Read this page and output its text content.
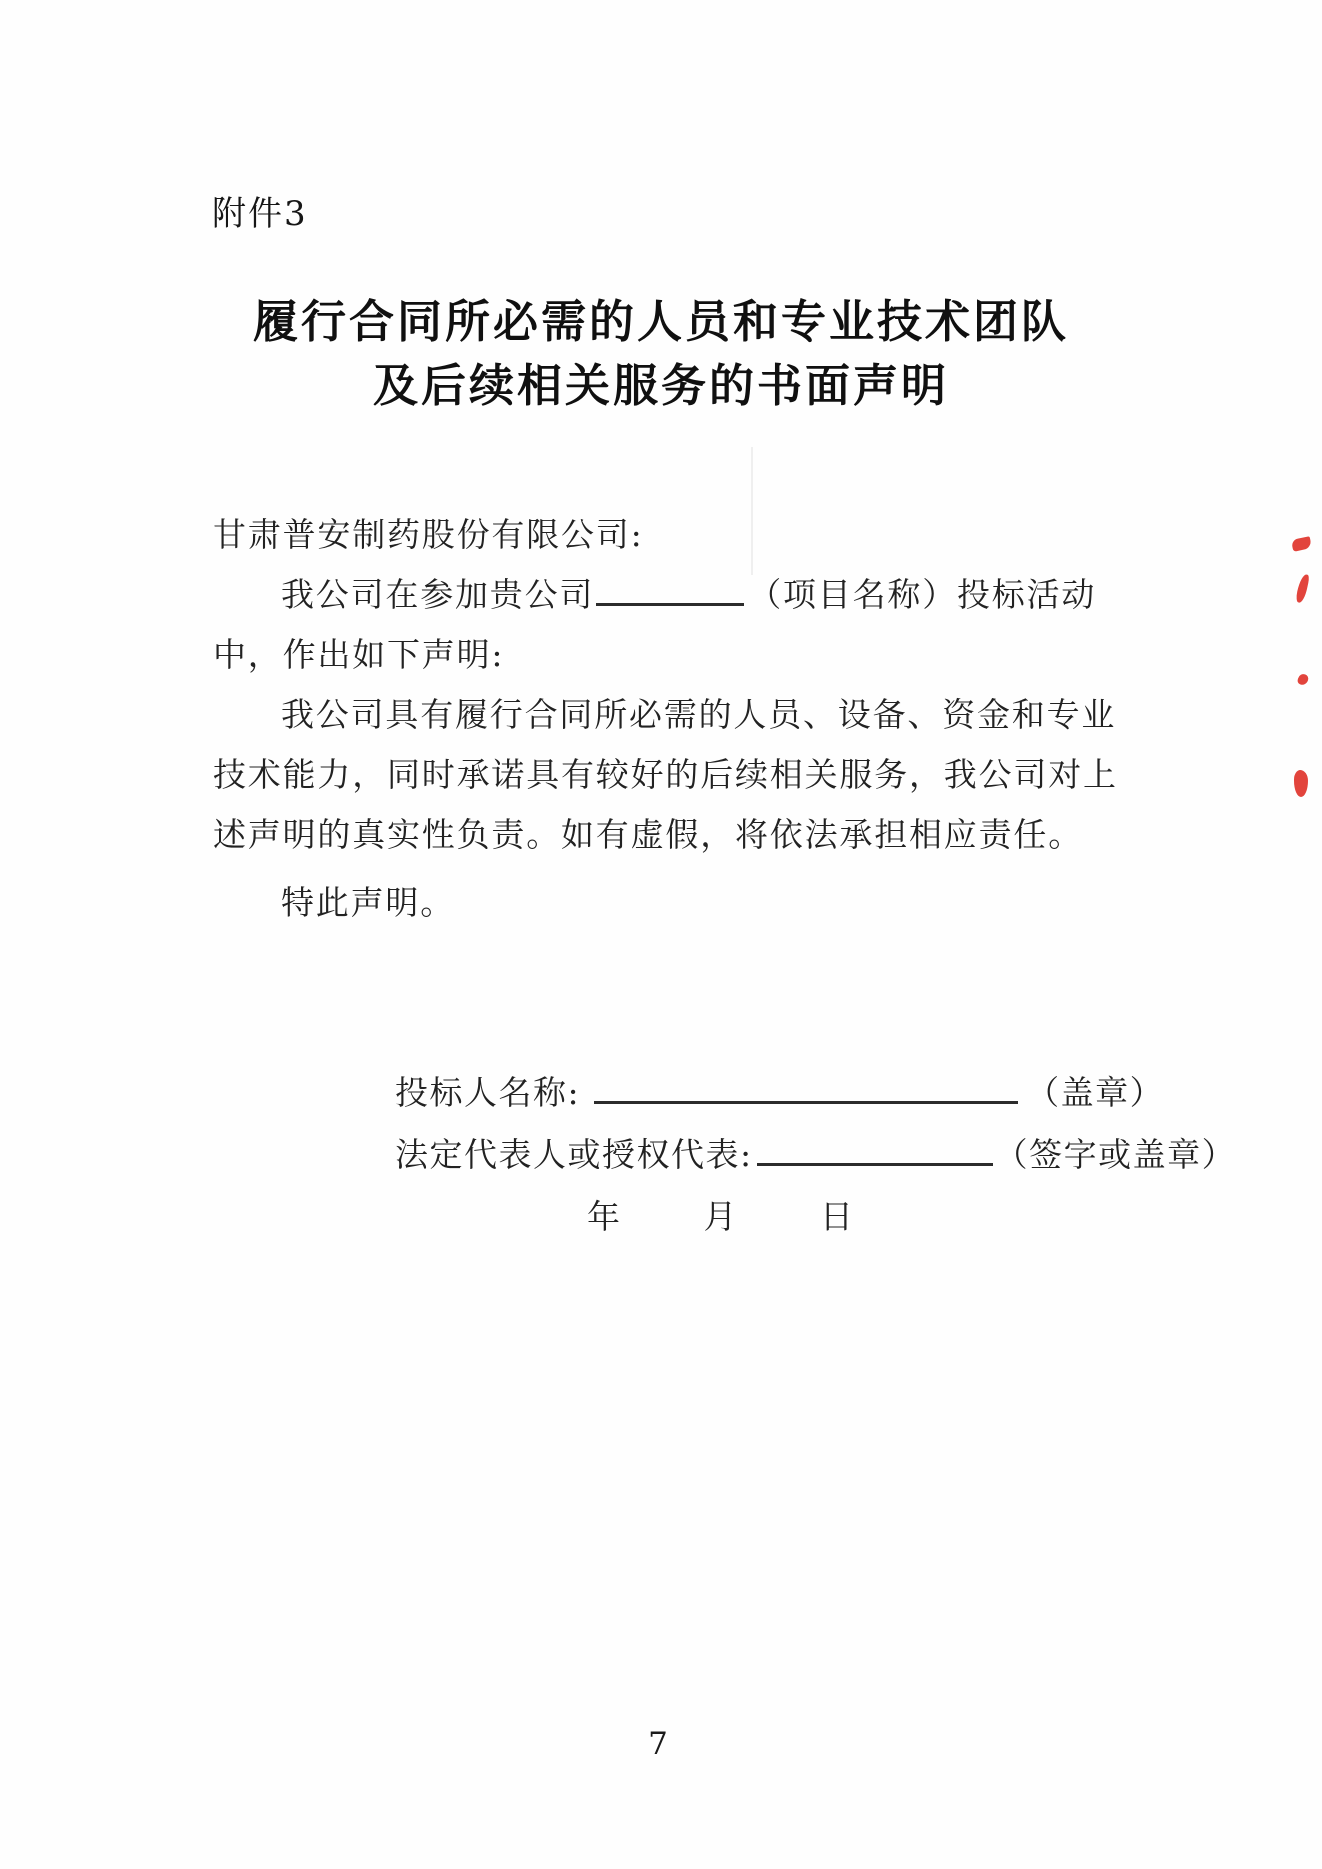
附件3
履行合同所必需的人员和专业技术团队
及后续相关服务的书面声明
甘肃普安制药股份有限公司:
我公司在参加贵公司	（项目名称）投标活动
中，作出如下声明:
我公司具有履行合同所必需的人员、设备、资金和专业
技术能力，同时承诺具有较好的后续相关服务，我公司对上
述声明的真实性负责。如有虚假，将依法承担相应责任。
特此声明。
投标人名称:	（盖章）
法定代表人或授权代表:	（签字或盖章）
年 月 日
7
